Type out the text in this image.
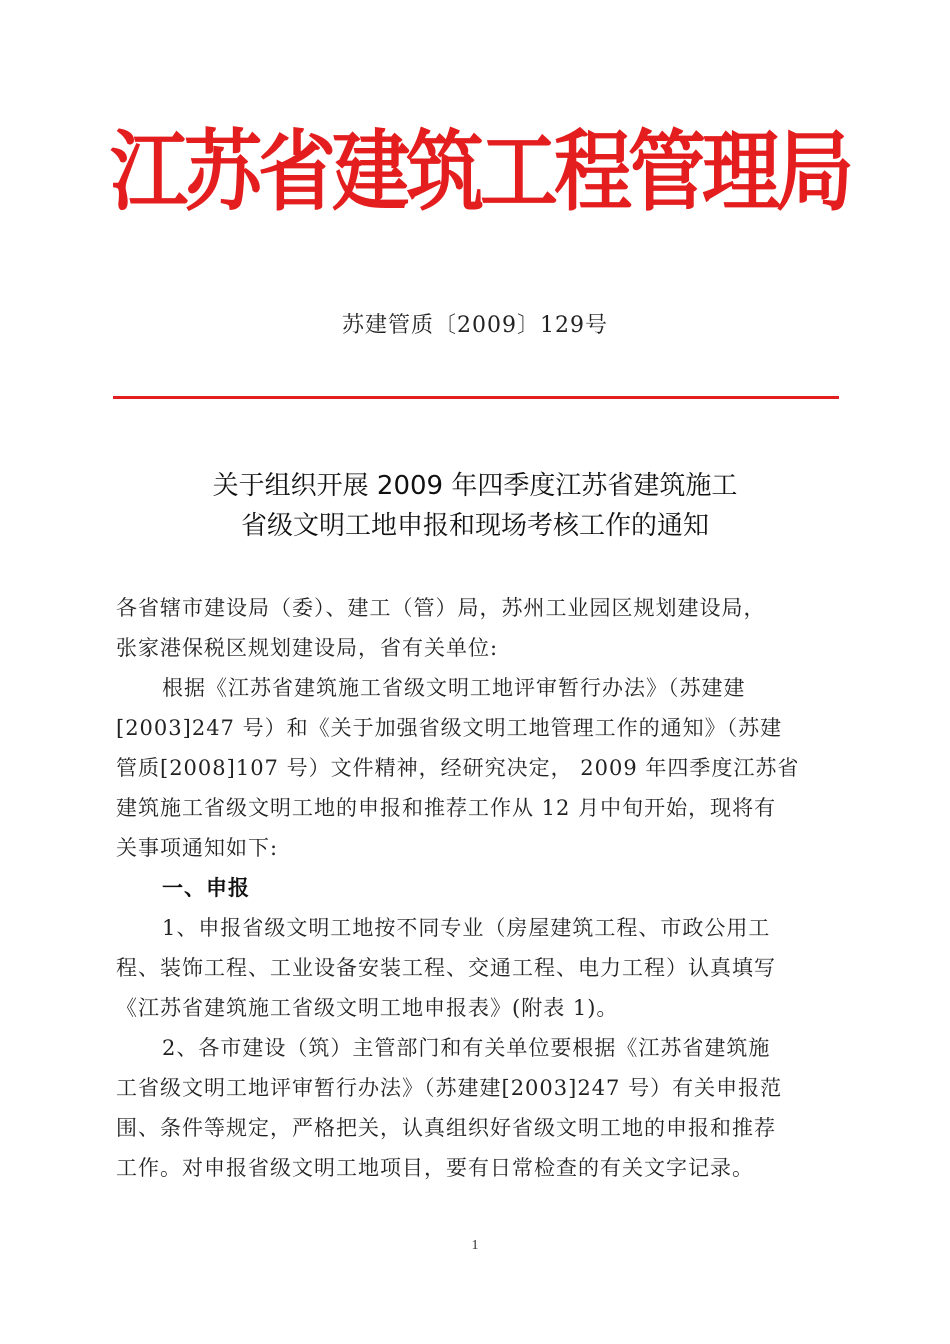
江苏省建筑工程管理局
苏建管质〔2009〕129号
关于组织开展 2009 年四季度江苏省建筑施工
省级文明工地申报和现场考核工作的通知
各省辖市建设局（委）、建工（管）局，苏州工业园区规划建设局，
张家港保税区规划建设局，省有关单位:
根据《江苏省建筑施工省级文明工地评审暂行办法》（苏建建
[2003]247 号）和《关于加强省级文明工地管理工作的通知》（苏建
管质[2008]107 号）文件精神，经研究决定， 2009 年四季度江苏省
建筑施工省级文明工地的申报和推荐工作从 12 月中旬开始，现将有
关事项通知如下:
一、申报
1、申报省级文明工地按不同专业（房屋建筑工程、市政公用工
程、装饰工程、工业设备安装工程、交通工程、电力工程）认真填写
《江苏省建筑施工省级文明工地申报表》(附表 1)。
2、各市建设（筑）主管部门和有关单位要根据《江苏省建筑施
工省级文明工地评审暂行办法》（苏建建[2003]247 号）有关申报范
围、条件等规定，严格把关，认真组织好省级文明工地的申报和推荐
工作。对申报省级文明工地项目，要有日常检查的有关文字记录。
1
